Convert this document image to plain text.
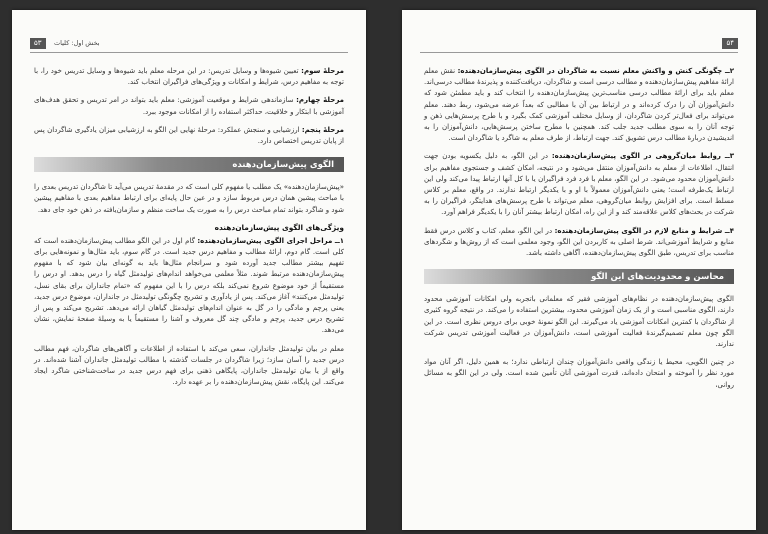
۵۳	بخش اول: کلیات

مرحلهٔ سوم: تعیین شیوه‌ها و وسایل تدریس: در این مرحله معلم باید شیوه‌ها و وسایل تدریس خود را، با توجه به مفاهیم درس، شرایط و امکانات و ویژگی‌های فراگیران انتخاب کند.

مرحلهٔ چهارم: سازماندهی شرایط و موقعیت آموزشی: معلم باید بتواند در امر تدریس و تحقق هدف‌های آموزشی با ابتکار و خلاقیت، حداکثر استفاده را از امکانات موجود ببرد.

مرحلهٔ پنجم: ارزشیابی و سنجش عملکرد: مرحلهٔ نهایی این الگو به ارزشیابی میزان یادگیری شاگردان پس از پایان تدریس اختصاص دارد.

الگوی پیش‌سازمان‌دهنده

«پیش‌سازمان‌دهنده» یک مطلب یا مفهوم کلی است که در مقدمهٔ تدریس می‌آید تا شاگردان تدریس بعدی را با مباحث پیشین همان درس مربوط سازد و در عین حال پایه‌ای برای ارتباط مفاهیم بعدی با مفاهیم پیشین شود و شاگرد بتواند تمام مباحث درس را به صورت یک ساخت منظم و سازمان‌یافته در ذهن خود جای دهد.

ویژگی‌های الگوی پیش‌سازمان‌دهنده

۱ــ مراحل اجرای الگوی پیش‌سازمان‌دهنده: گام اول در این الگو مطالب پیش‌سازمان‌دهنده است که کلی است. گام دوم، ارائهٔ مطالب و مفاهیم درس جدید است. در گام سوم، باید مثال‌ها و نمونه‌هایی برای تفهیم بیشتر مطالب جدید آورده شود و سرانجام مثال‌ها باید به گونه‌ای بیان شود که با مفهوم پیش‌سازمان‌دهنده مرتبط شوند. مثلاً معلمی می‌خواهد اندام‌های تولیدمثل گیاه را درس بدهد. او درس را مستقیماً از خود موضوع شروع نمی‌کند بلکه درس را با این مفهوم که «تمام جانداران برای بقای نسل، تولیدمثل می‌کنند» آغاز می‌کند. پس از یادآوری و تشریح چگونگی تولیدمثل در جانداران، موضوع درس جدید، یعنی پرچم و مادگی را در گل به عنوان اندام‌های تولیدمثل گیاهان ارائه می‌دهد. تشریح می‌کند و پس از تشریح درس جدید، پرچم و مادگی چند گل معروف و آشنا را مستقیماً یا به وسیلهٔ صفحهٔ نمایش، نشان می‌دهد.

معلم در بیان تولیدمثل جانداران، سعی می‌کند با استفاده از اطلاعات و آگاهی‌های شاگردان، فهم مطالب درس جدید را آسان سازد؛ زیرا شاگردان در جلسات گذشته با مطالب تولیدمثل جانداران آشنا شده‌اند. در واقع از یا بیان تولیدمثل جانداران، پایگاهی ذهنی برای فهم درس جدید در ساخت‌شناختی شاگرد ایجاد می‌کند. این پایگاه، نقش پیش‌سازمان‌دهنده را بر عهده دارد.

۵۴

۲ــ چگونگی کنش و واکنش معلم نسبت به شاگردان در الگوی پیش‌سازمان‌دهنده: نقش معلم ارائهٔ مفاهیم پیش‌سازمان‌دهنده و مطالب درسی است و شاگردان، دریافت‌کننده و پذیرندهٔ مطالب درسی‌اند. معلم باید برای ارائهٔ مطالب درسی مناسب‌ترین پیش‌سازمان‌دهنده را انتخاب کند و باید مطمئن شود که دانش‌آموزان آن را درک کرده‌اند و در ارتباط بین آن با مطالبی که بعداً عرضه می‌شود، ربط دهند. معلم می‌تواند برای فعال‌تر کردن شاگردان، از وسایل مختلف آموزشی کمک بگیرد و با طرح پرسش‌هایی ذهن و توجه آنان را به سوی مطلب جدید جلب کند. همچنین با مطرح ساختن پرسش‌هایی، دانش‌آموزان را به اندیشیدن دربارهٔ مطالب درس تشویق کند. جهت ارتباط، از طرف معلم به شاگرد یا شاگردان است.

۳ــ روابط میان‌گروهی در الگوی پیش‌سازمان‌دهنده: در این الگو، به دلیل یکسویه بودن جهت انتقال، اطلاعات از معلم به دانش‌آموزان منتقل می‌شود و در نتیجه، امکان کشف و جستجوی مفاهیم برای دانش‌آموزان محدود می‌شود. در این الگو، معلم با فرد فرد فراگیران یا با کل آنها ارتباط پیدا می‌کند ولی این ارتباط یک‌طرفه است؛ یعنی دانش‌آموزان معمولاً با او و با یکدیگر ارتباط ندارند. در واقع، معلم بر کلاس مسلط است. برای افزایش روابط میان‌گروهی، معلم می‌تواند با طرح پرسش‌های هدایتگر، فراگیران را به شرکت در بحث‌های کلاس علاقه‌مند کند و از این راه، امکان ارتباط بیشتر آنان را با یکدیگر فراهم آورد.

۴ــ شرایط و منابع لازم در الگوی پیش‌سازمان‌دهنده: در این الگو، معلم، کتاب و کلاس درس فقط منابع و شرایط آموزشی‌اند. شرط اصلی به کاربردن این الگو، وجود معلمی است که از روش‌ها و شگردهای مناسب برای تدریس، طبق الگوی پیش‌سازمان‌دهنده، آگاهی داشته باشد.

محاسن و محدودیت‌های این الگو

الگوی پیش‌سازمان‌دهنده در نظام‌های آموزشی فقیر که معلمانی باتجربه ولی امکانات آموزشی محدود دارند، الگوی مناسبی است و از یک زمان آموزشی محدود، بیشترین استفاده را می‌کند. در نتیجه گروه کثیری از شاگردان با کمترین امکانات آموزشی یاد می‌گیرند. این الگو نمونهٔ خوبی برای دروس نظری است. در این الگو چون معلم تصمیم‌گیرندهٔ فعالیت آموزشی است، دانش‌آموزان در فعالیت آموزشی تدریس شرکت ندارند.

در چنین الگویی، محیط یا زندگی واقعی دانش‌آموزان چندان ارتباطی ندارد؛ به همین دلیل، اگر آنان مواد مورد نظر را آموخته و امتحان داده‌اند، قدرت آموزشی آنان تأمین شده است. ولی در این الگو به مسائل روانی،
